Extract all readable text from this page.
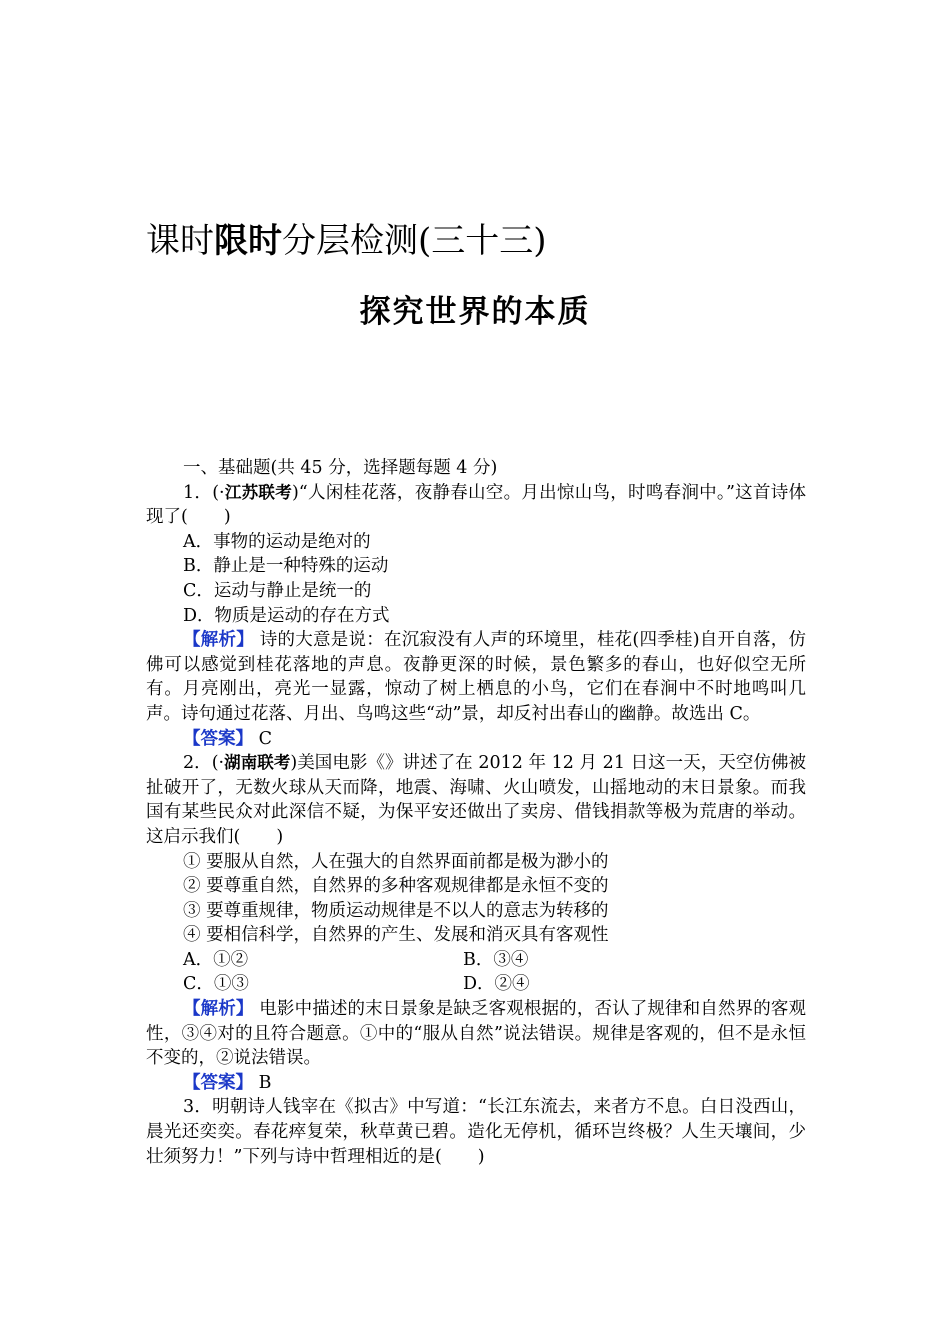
课时限时分层检测(三十三)
探究世界的本质

一、基础题(共 45 分，选择题每题 4 分)

1．(·江苏联考)“人闲桂花落，夜静春山空。月出惊山鸟，时鸣春涧中。”这首诗体现了( )

A．事物的运动是绝对的

B．静止是一种特殊的运动

C．运动与静止是统一的

D．物质是运动的存在方式

【解析】 诗的大意是说：在沉寂没有人声的环境里，桂花(四季桂)自开自落，仿佛可以感觉到桂花落地的声息。夜静更深的时候，景色繁多的春山，也好似空无所有。月亮刚出，亮光一显露，惊动了树上栖息的小鸟，它们在春涧中不时地鸣叫几声。诗句通过花落、月出、鸟鸣这些“动”景，却反衬出春山的幽静。故选出 C。

【答案】 C

2．(·湖南联考)美国电影《》讲述了在 2012 年 12 月 21 日这一天，天空仿佛被扯破开了，无数火球从天而降，地震、海啸、火山喷发，山摇地动的末日景象。而我国有某些民众对此深信不疑，为保平安还做出了卖房、借钱捐款等极为荒唐的举动。这启示我们( )

① 要服从自然，人在强大的自然界面前都是极为渺小的

② 要尊重自然，自然界的多种客观规律都是永恒不变的

③ 要尊重规律，物质运动规律是不以人的意志为转移的

④ 要相信科学，自然界的产生、发展和消灭具有客观性

A．①②	B．③④
C．①③	D．②④

【解析】 电影中描述的末日景象是缺乏客观根据的，否认了规律和自然界的客观性，③④对的且符合题意。①中的“服从自然”说法错误。规律是客观的，但不是永恒不变的，②说法错误。

【答案】 B

3．明朝诗人钱宰在《拟古》中写道：“长江东流去，来者方不息。白日没西山，晨光还奕奕。春花瘁复荣，秋草黄已碧。造化无停机，循环岂终极？人生天壤间，少壮须努力！”下列与诗中哲理相近的是( )
